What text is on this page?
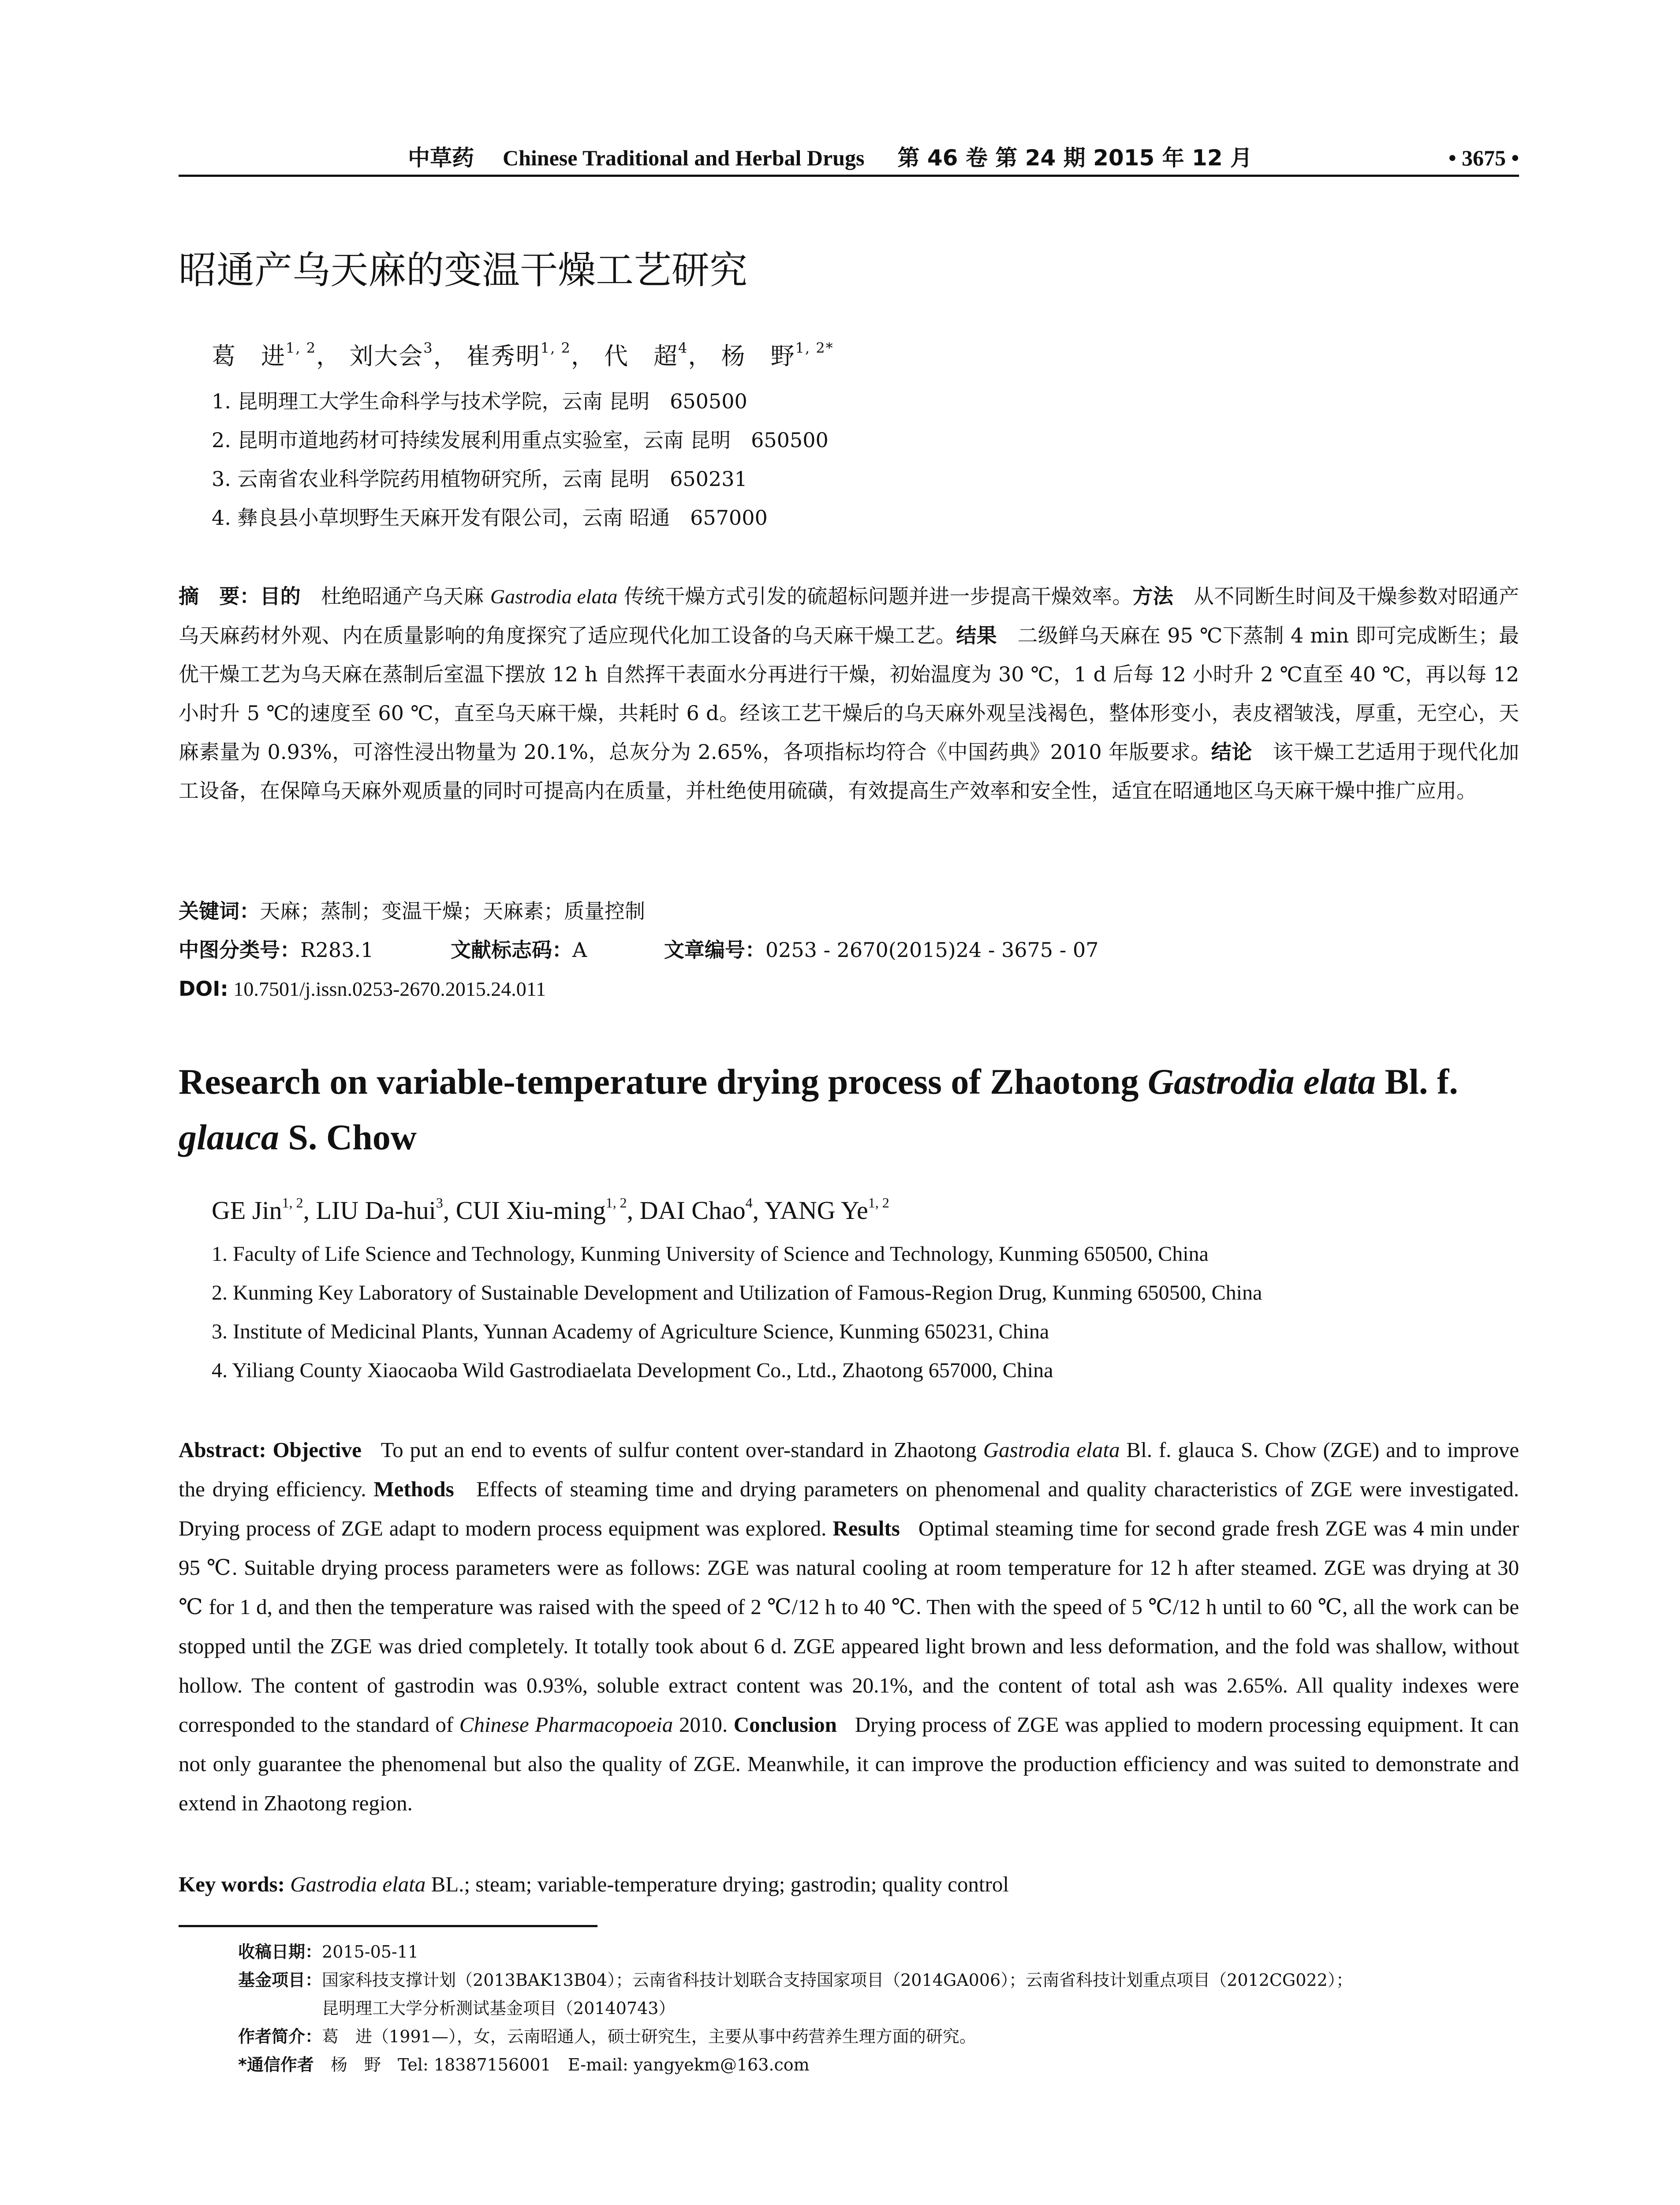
中草药 Chinese Traditional and Herbal Drugs 第 46 卷 第 24 期 2015 年 12 月	• 3675 •
昭通产乌天麻的变温干燥工艺研究
葛　进$^{1, 2}$， 刘大会$^3$， 崔秀明$^{1, 2}$， 代　超$^4$， 杨　野$^{1, 2*}$
1. 昆明理工大学生命科学与技术学院，云南 昆明　650500
2. 昆明市道地药材可持续发展利用重点实验室，云南 昆明　650500
3. 云南省农业科学院药用植物研究所，云南 昆明　650231
4. 彝良县小草坝野生天麻开发有限公司，云南 昭通　657000
摘　要：目的　 杜绝昭通产乌天麻 Gastrodia elata 传统干燥方式引发的硫超标问题并进一步提高干燥效率。方法　 从不同断生时间及干燥参数对昭通产乌天麻药材外观、内在质量影响的角度探究了适应现代化加工设备的乌天麻干燥工艺。结果　 二级鲜乌天麻在 95 ℃下蒸制 4 min 即可完成断生；最优干燥工艺为乌天麻在蒸制后室温下摆放 12 h 自然挥干表面水分再进行干燥，初始温度为 30 ℃，1 d 后每 12 小时升 2 ℃直至 40 ℃，再以每 12 小时升 5 ℃的速度至 60 ℃，直至乌天麻干燥，共耗时 6 d。经该工艺干燥后的乌天麻外观呈浅褐色，整体形变小，表皮褶皱浅，厚重，无空心，天麻素量为 0.93%，可溶性浸出物量为 20.1%，总灰分为 2.65%，各项指标均符合《中国药典》2010 年版要求。结论　 该干燥工艺适用于现代化加工设备，在保障乌天麻外观质量的同时可提高内在质量，并杜绝使用硫磺，有效提高生产效率和安全性，适宜在昭通地区乌天麻干燥中推广应用。
关键词：天麻；蒸制；变温干燥；天麻素；质量控制
中图分类号：R283.1	文献标志码：A	文章编号：0253 - 2670(2015)24 - 3675 - 07
DOI: 10.7501/j.issn.0253-2670.2015.24.011
Research on variable-temperature drying process of Zhaotong Gastrodia elata Bl. f. glauca S. Chow
GE Jin$^{1, 2}$, LIU Da-hui$^3$, CUI Xiu-ming$^{1, 2}$, DAI Chao$^4$, YANG Ye$^{1, 2}$
1. Faculty of Life Science and Technology, Kunming University of Science and Technology, Kunming 650500, China
2. Kunming Key Laboratory of Sustainable Development and Utilization of Famous-Region Drug, Kunming 650500, China
3. Institute of Medicinal Plants, Yunnan Academy of Agriculture Science, Kunming 650231, China
4. Yiliang County Xiaocaoba Wild Gastrodiaelata Development Co., Ltd., Zhaotong 657000, China
Abstract: Objective To put an end to events of sulfur content over-standard in Zhaotong Gastrodia elata Bl. f. glauca S. Chow (ZGE) and to improve the drying efficiency. Methods Effects of steaming time and drying parameters on phenomenal and quality characteristics of ZGE were investigated. Drying process of ZGE adapt to modern process equipment was explored. Results Optimal steaming time for second grade fresh ZGE was 4 min under 95 ℃. Suitable drying process parameters were as follows: ZGE was natural cooling at room temperature for 12 h after steamed. ZGE was drying at 30 ℃ for 1 d, and then the temperature was raised with the speed of 2 ℃/12 h to 40 ℃. Then with the speed of 5 ℃/12 h until to 60 ℃, all the work can be stopped until the ZGE was dried completely. It totally took about 6 d. ZGE appeared light brown and less deformation, and the fold was shallow, without hollow. The content of gastrodin was 0.93%, soluble extract content was 20.1%, and the content of total ash was 2.65%. All quality indexes were corresponded to the standard of Chinese Pharmacopoeia 2010. Conclusion Drying process of ZGE was applied to modern processing equipment. It can not only guarantee the phenomenal but also the quality of ZGE. Meanwhile, it can improve the production efficiency and was suited to demonstrate and extend in Zhaotong region.
Key words: Gastrodia elata BL.; steam; variable-temperature drying; gastrodin; quality control
收稿日期： 2015-05-11
基金项目： 国家科技支撑计划（2013BAK13B04）；云南省科技计划联合支持国家项目（2014GA006）；云南省科技计划重点项目（2012CG022）；
昆明理工大学分析测试基金项目（20140743）
作者简介： 葛　进（1991—），女，云南昭通人，硕士研究生，主要从事中药营养生理方面的研究。
*通信作者 　杨　野　Tel: 18387156001　E-mail: yangyekm@163.com
